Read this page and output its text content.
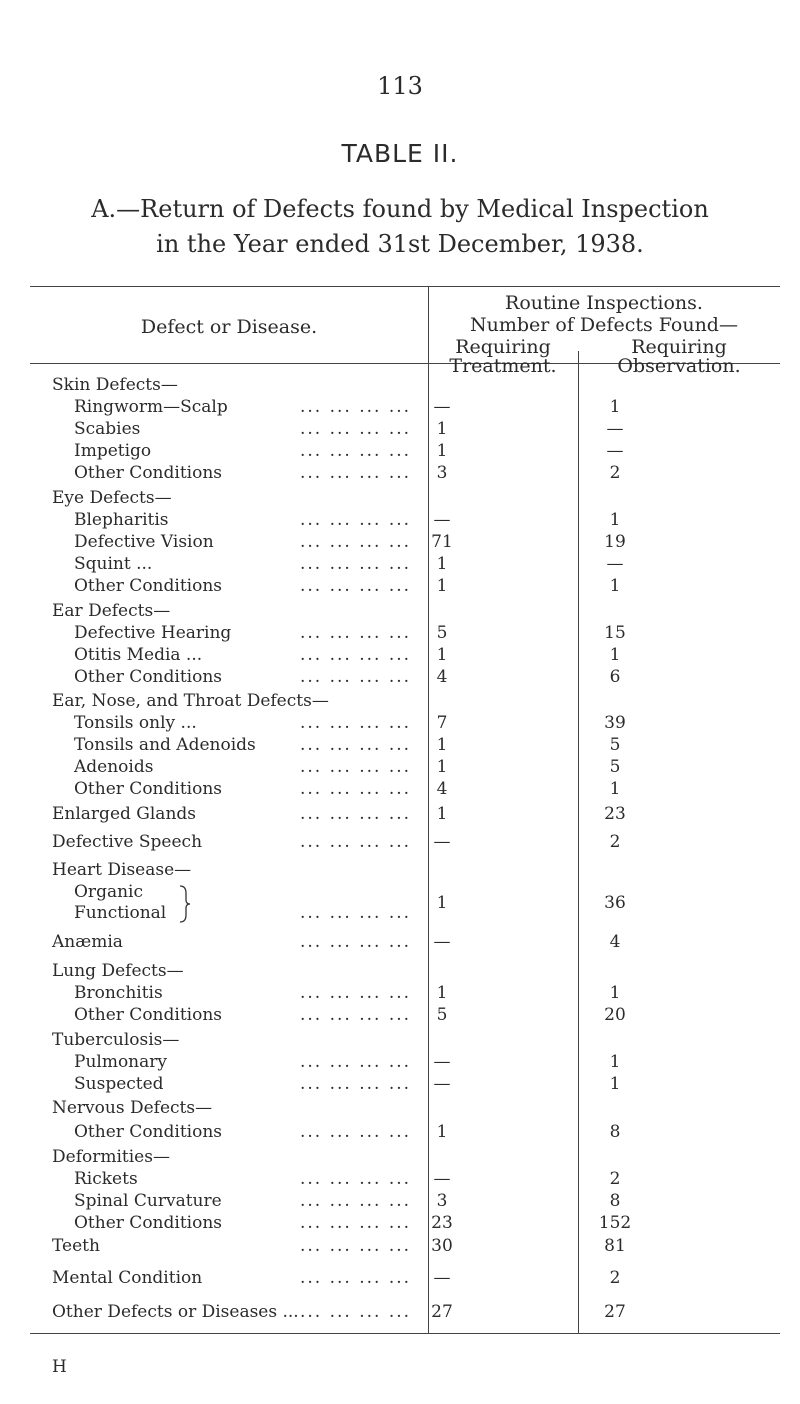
113
TABLE II.
A.—Return of Defects found by Medical Inspection
in the Year ended 31st December, 1938.
Defect or Disease.
Routine Inspections.
Number of Defects Found—
Requiring
Treatment.
Requiring
Observation.
Skin Defects—
Ringworm—Scalp	... ... ... ...	—	1
Scabies	... ... ... ...	1	—
Impetigo	... ... ... ...	1	—
Other Conditions	... ... ... ...	3	2
Eye Defects—
Blepharitis	... ... ... ...	—	1
Defective Vision	... ... ... ...	71	19
Squint ...	... ... ... ...	1	—
Other Conditions	... ... ... ...	1	1
Ear Defects—
Defective Hearing	... ... ... ...	5	15
Otitis Media ...	... ... ... ...	1	1
Other Conditions	... ... ... ...	4	6
Ear, Nose, and Throat Defects—
Tonsils only ...	... ... ... ...	7	39
Tonsils and Adenoids	... ... ... ...	1	5
Adenoids	... ... ... ...	1	5
Other Conditions	... ... ... ...	4	1
Enlarged Glands	... ... ... ...	1	23
Defective Speech	... ... ... ...	—	2
Heart Disease—
Organic
Functional	... ... ... ...	1	36
Anæmia	... ... ... ...	—	4
Lung Defects—
Bronchitis	... ... ... ...	1	1
Other Conditions	... ... ... ...	5	20
Tuberculosis—
Pulmonary	... ... ... ...	—	1
Suspected	... ... ... ...	—	1
Nervous Defects—
Other Conditions	... ... ... ...	1	8
Deformities—
Rickets	... ... ... ...	—	2
Spinal Curvature	... ... ... ...	3	8
Other Conditions	... ... ... ...	23	152
Teeth	... ... ... ...	30	81
Mental Condition	... ... ... ...	—	2
Other Defects or Diseases ... ... ... ... ...	27	27
H
